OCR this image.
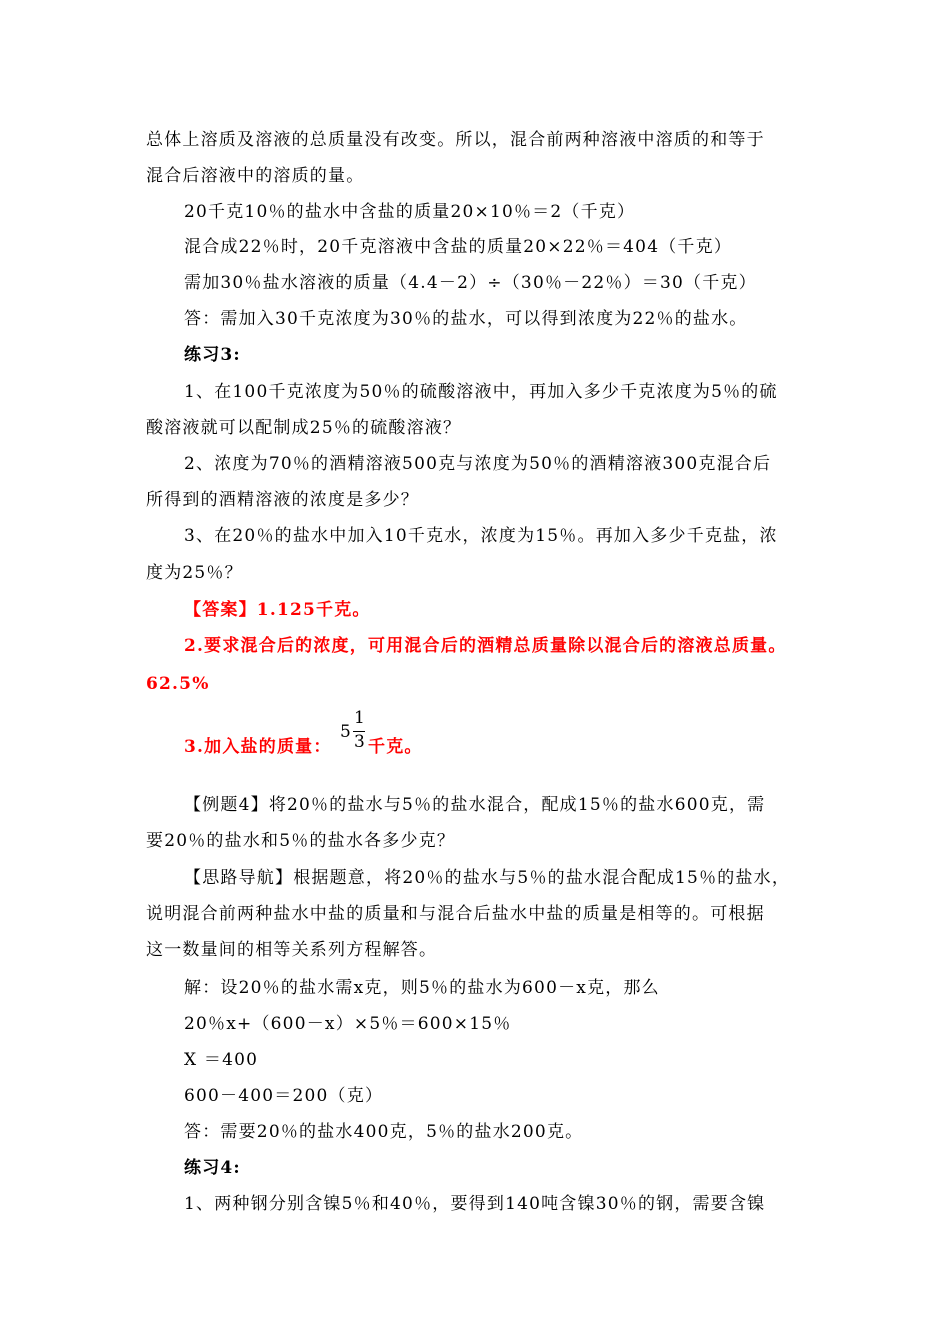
总体上溶质及溶液的总质量没有改变。所以，混合前两种溶液中溶质的和等于
混合后溶液中的溶质的量。
20千克10％的盐水中含盐的质量20×10％＝2（千克）
混合成22％时，20千克溶液中含盐的质量20×22％＝404（千克）
需加30％盐水溶液的质量（4.4－2）÷（30％－22％）＝30（千克）
答：需加入30千克浓度为30％的盐水，可以得到浓度为22％的盐水。
练习3:
1、在100千克浓度为50％的硫酸溶液中，再加入多少千克浓度为5％的硫
酸溶液就可以配制成25％的硫酸溶液？
2、浓度为70％的酒精溶液500克与浓度为50％的酒精溶液300克混合后
所得到的酒精溶液的浓度是多少？
3、在20％的盐水中加入10千克水，浓度为15％。再加入多少千克盐，浓
度为25％？
【答案】1.125千克。
2.要求混合后的浓度，可用混合后的酒精总质量除以混合后的溶液总质量。
62.5%
3.加入盐的质量：
5
1
3 千克。
【例题4】将20％的盐水与5％的盐水混合，配成15％的盐水600克，需
要20％的盐水和5％的盐水各多少克？
【思路导航】根据题意，将20％的盐水与5％的盐水混合配成15％的盐水，
说明混合前两种盐水中盐的质量和与混合后盐水中盐的质量是相等的。可根据
这一数量间的相等关系列方程解答。
解：设20％的盐水需x克，则5％的盐水为600－x克，那么
20％x+（600－x）×5％＝600×15％
X ＝400
600－400＝200（克）
答：需要20％的盐水400克，5％的盐水200克。
练习4:
1、两种钢分别含镍5％和40％，要得到140吨含镍30％的钢，需要含镍
